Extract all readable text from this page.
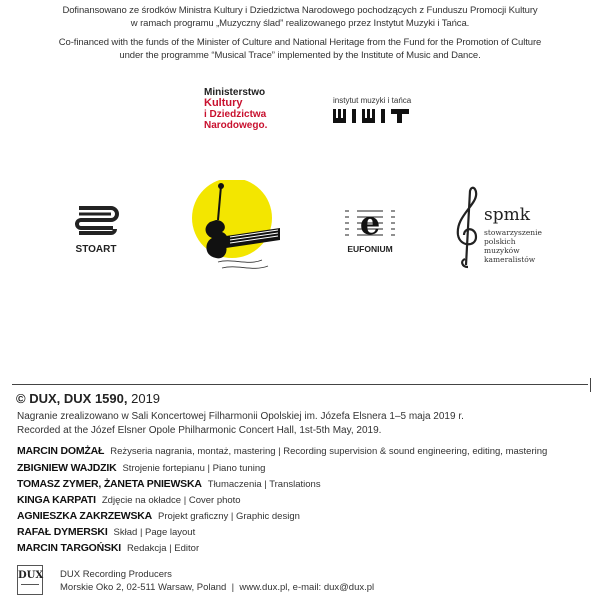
Dofinansowano ze środków Ministra Kultury i Dziedzictwa Narodowego pochodzących z Funduszu Promocji Kultury
w ramach programu „Muzyczny ślad” realizowanego przez Instytut Muzyki i Tańca.
Co-financed with the funds of the Minister of Culture and National Heritage from the Fund for the Promotion of Culture
under the programme “Musical Trace” implemented by the Institute of Music and Dance.
Ministerstwo
Kultury
i Dziedzictwa
Narodowego.
instytut muzyki i tańca
STOART
e
EUFONIUM
spmk
stowarzyszenie
polskich
muzyków
kameralistów
© DUX, DUX 1590, 2019
Nagranie zrealizowano w Sali Koncertowej Filharmonii Opolskiej im. Józefa Elsnera 1–5 maja 2019 r.
Recorded at the Józef Elsner Opole Philharmonic Concert Hall, 1st-5th May, 2019.
MARCIN DOMŻAŁ Reżyseria nagrania, montaż, mastering | Recording supervision & sound engineering, editing, mastering
ZBIGNIEW WAJDZIK Strojenie fortepianu | Piano tuning
TOMASZ ZYMER, ŻANETA PNIEWSKA Tłumaczenia | Translations
KINGA KARPATI Zdjęcie na okładce | Cover photo
AGNIESZKA ZAKRZEWSKA Projekt graficzny | Graphic design
RAFAŁ DYMERSKI Skład | Page layout
MARCIN TARGOŃSKI Redakcja | Editor
DUX DUX Recording Producers
Morskie Oko 2, 02-511 Warsaw, Poland  |  www.dux.pl, e-mail: dux@dux.pl
